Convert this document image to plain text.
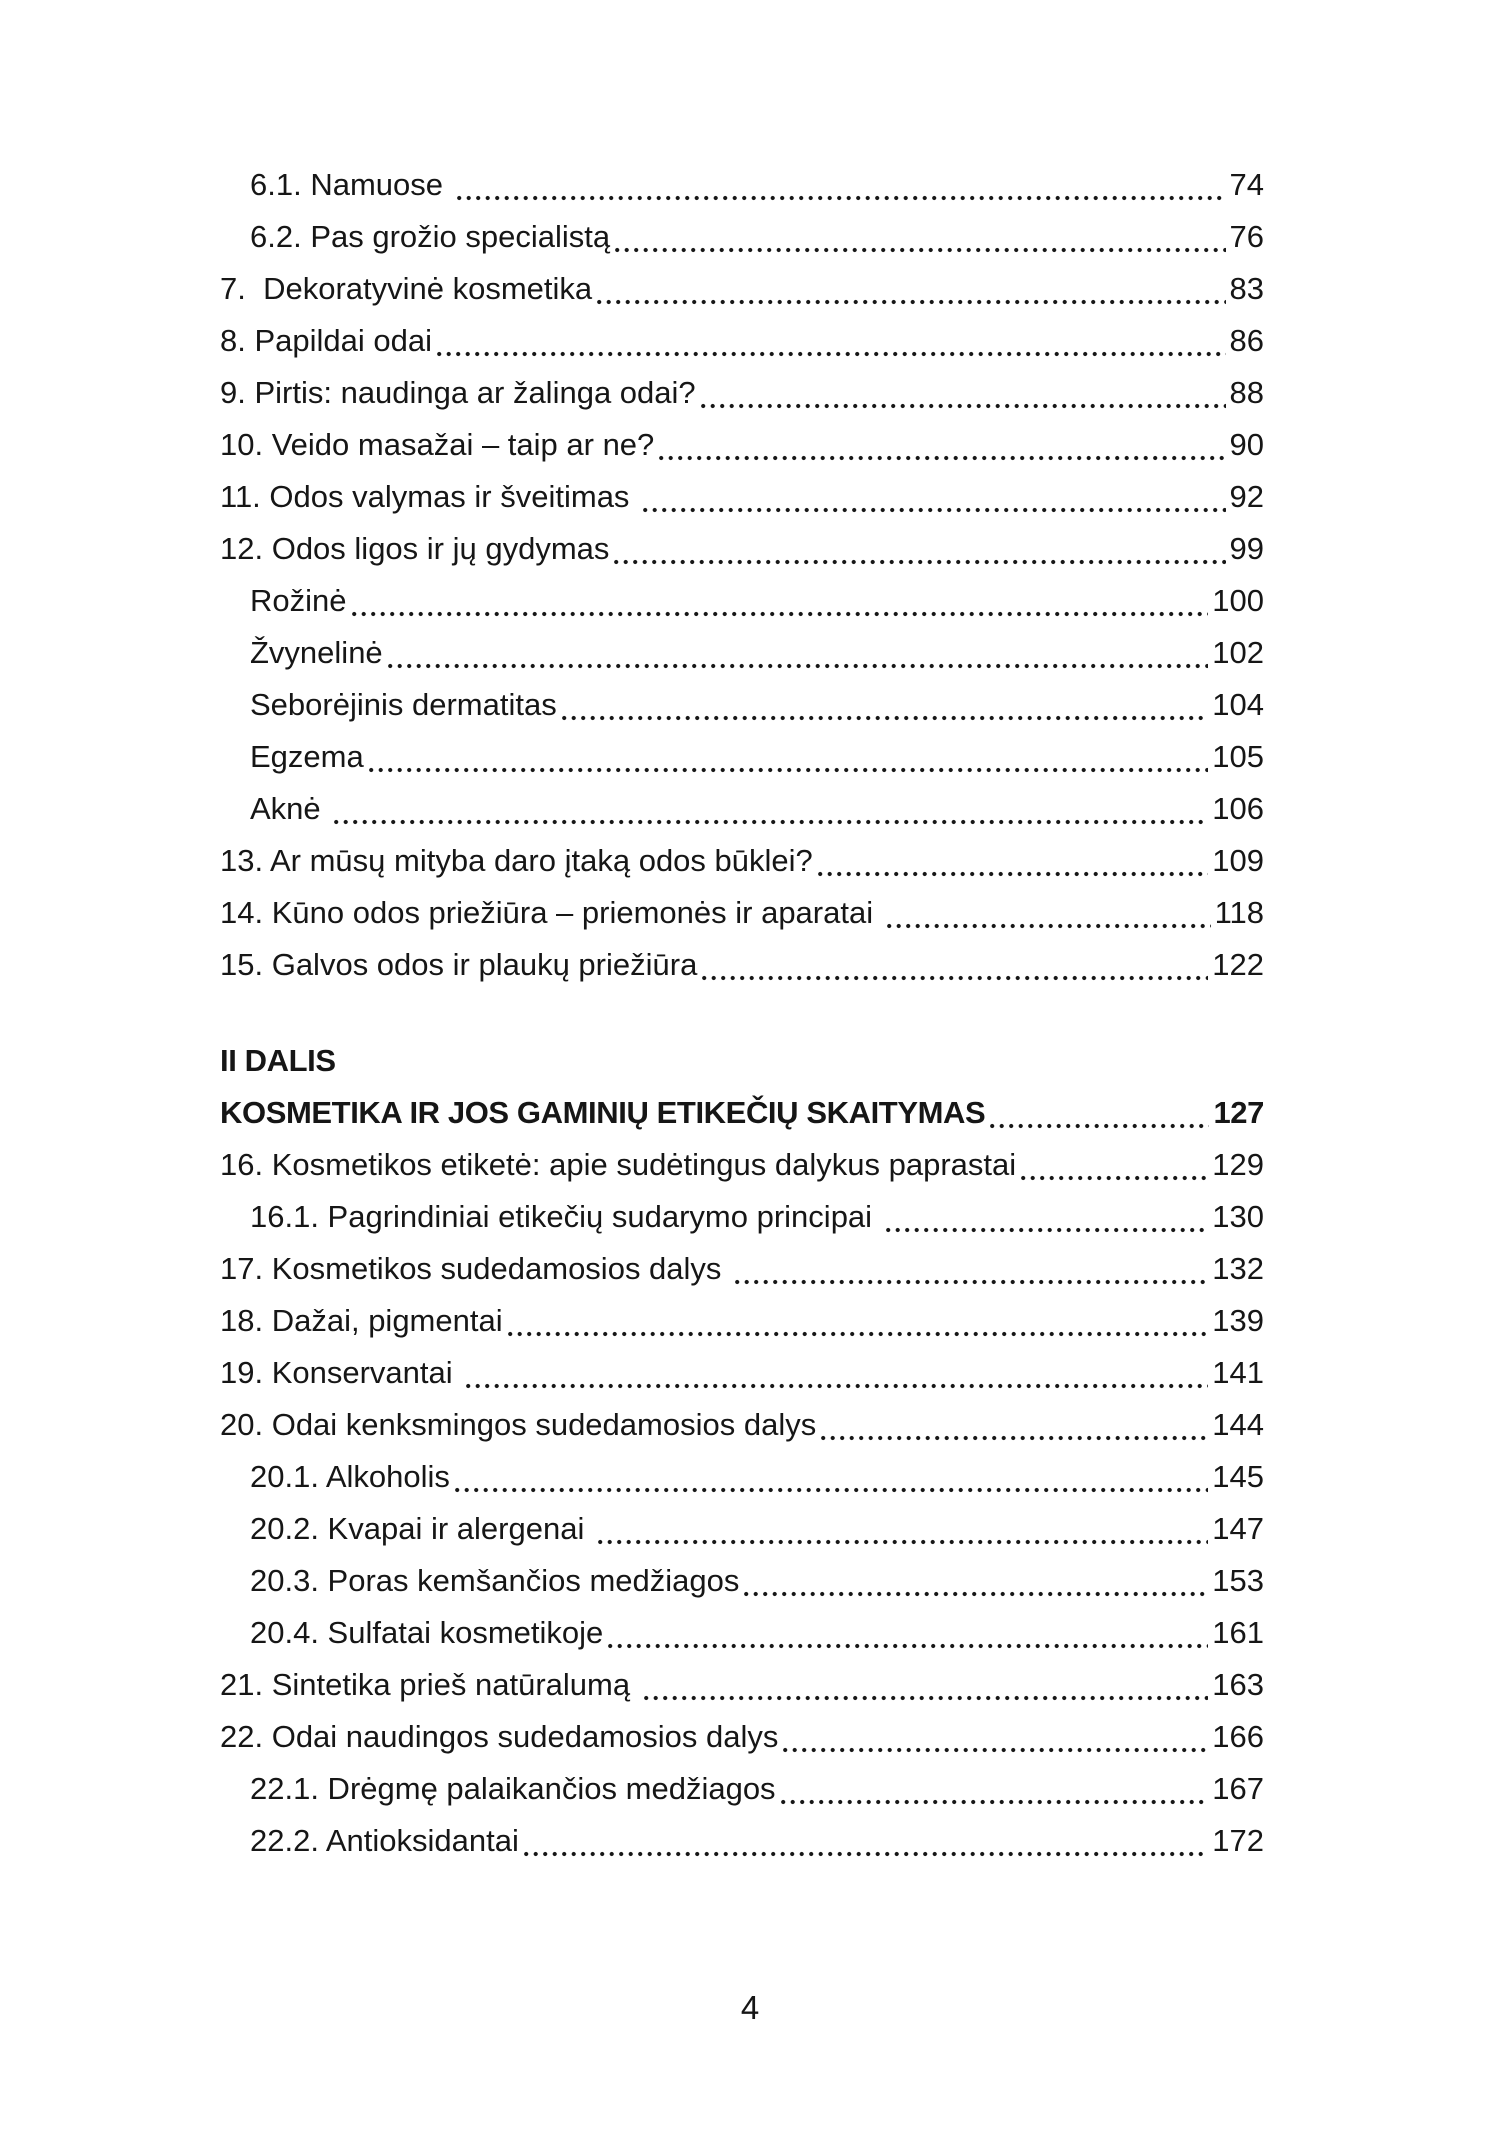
6.1. Namuose	74
6.2. Pas grožio specialistą	76
7.  Dekoratyvinė kosmetika	83
8. Papildai odai	86
9. Pirtis: naudinga ar žalinga odai?	88
10. Veido masažai – taip ar ne?	90
11. Odos valymas ir šveitimas	92
12. Odos ligos ir jų gydymas	99
Rožinė	100
Žvynelinė	102
Seborėjinis dermatitas	104
Egzema	105
Aknė	106
13. Ar mūsų mityba daro įtaką odos būklei?	109
14. Kūno odos priežiūra – priemonės ir aparatai	118
15. Galvos odos ir plaukų priežiūra	122
II DALIS
KOSMETIKA IR JOS GAMINIŲ ETIKEČIŲ SKAITYMAS	127
16. Kosmetikos etiketė: apie sudėtingus dalykus paprastai	129
16.1. Pagrindiniai etikečių sudarymo principai	130
17. Kosmetikos sudedamosios dalys	132
18. Dažai, pigmentai	139
19. Konservantai	141
20. Odai kenksmingos sudedamosios dalys	144
20.1. Alkoholis	145
20.2. Kvapai ir alergenai	147
20.3. Poras kemšančios medžiagos	153
20.4. Sulfatai kosmetikoje	161
21. Sintetika prieš natūralumą	163
22. Odai naudingos sudedamosios dalys	166
22.1. Drėgmę palaikančios medžiagos	167
22.2. Antioksidantai	172
4
